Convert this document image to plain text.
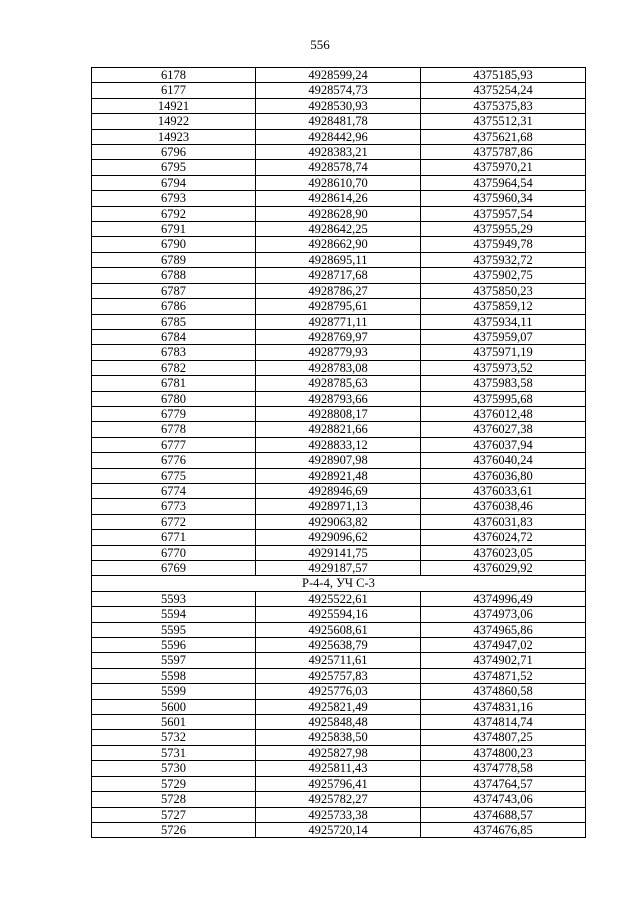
556
6178	4928599,24	4375185,93
6177	4928574,73	4375254,24
14921	4928530,93	4375375,83
14922	4928481,78	4375512,31
14923	4928442,96	4375621,68
6796	4928383,21	4375787,86
6795	4928578,74	4375970,21
6794	4928610,70	4375964,54
6793	4928614,26	4375960,34
6792	4928628,90	4375957,54
6791	4928642,25	4375955,29
6790	4928662,90	4375949,78
6789	4928695,11	4375932,72
6788	4928717,68	4375902,75
6787	4928786,27	4375850,23
6786	4928795,61	4375859,12
6785	4928771,11	4375934,11
6784	4928769,97	4375959,07
6783	4928779,93	4375971,19
6782	4928783,08	4375973,52
6781	4928785,63	4375983,58
6780	4928793,66	4375995,68
6779	4928808,17	4376012,48
6778	4928821,66	4376027,38
6777	4928833,12	4376037,94
6776	4928907,98	4376040,24
6775	4928921,48	4376036,80
6774	4928946,69	4376033,61
6773	4928971,13	4376038,46
6772	4929063,82	4376031,83
6771	4929096,62	4376024,72
6770	4929141,75	4376023,05
6769	4929187,57	4376029,92
Р-4-4, УЧ С-3		
5593	4925522,61	4374996,49
5594	4925594,16	4374973,06
5595	4925608,61	4374965,86
5596	4925638,79	4374947,02
5597	4925711,61	4374902,71
5598	4925757,83	4374871,52
5599	4925776,03	4374860,58
5600	4925821,49	4374831,16
5601	4925848,48	4374814,74
5732	4925838,50	4374807,25
5731	4925827,98	4374800,23
5730	4925811,43	4374778,58
5729	4925796,41	4374764,57
5728	4925782,27	4374743,06
5727	4925733,38	4374688,57
5726	4925720,14	4374676,85
